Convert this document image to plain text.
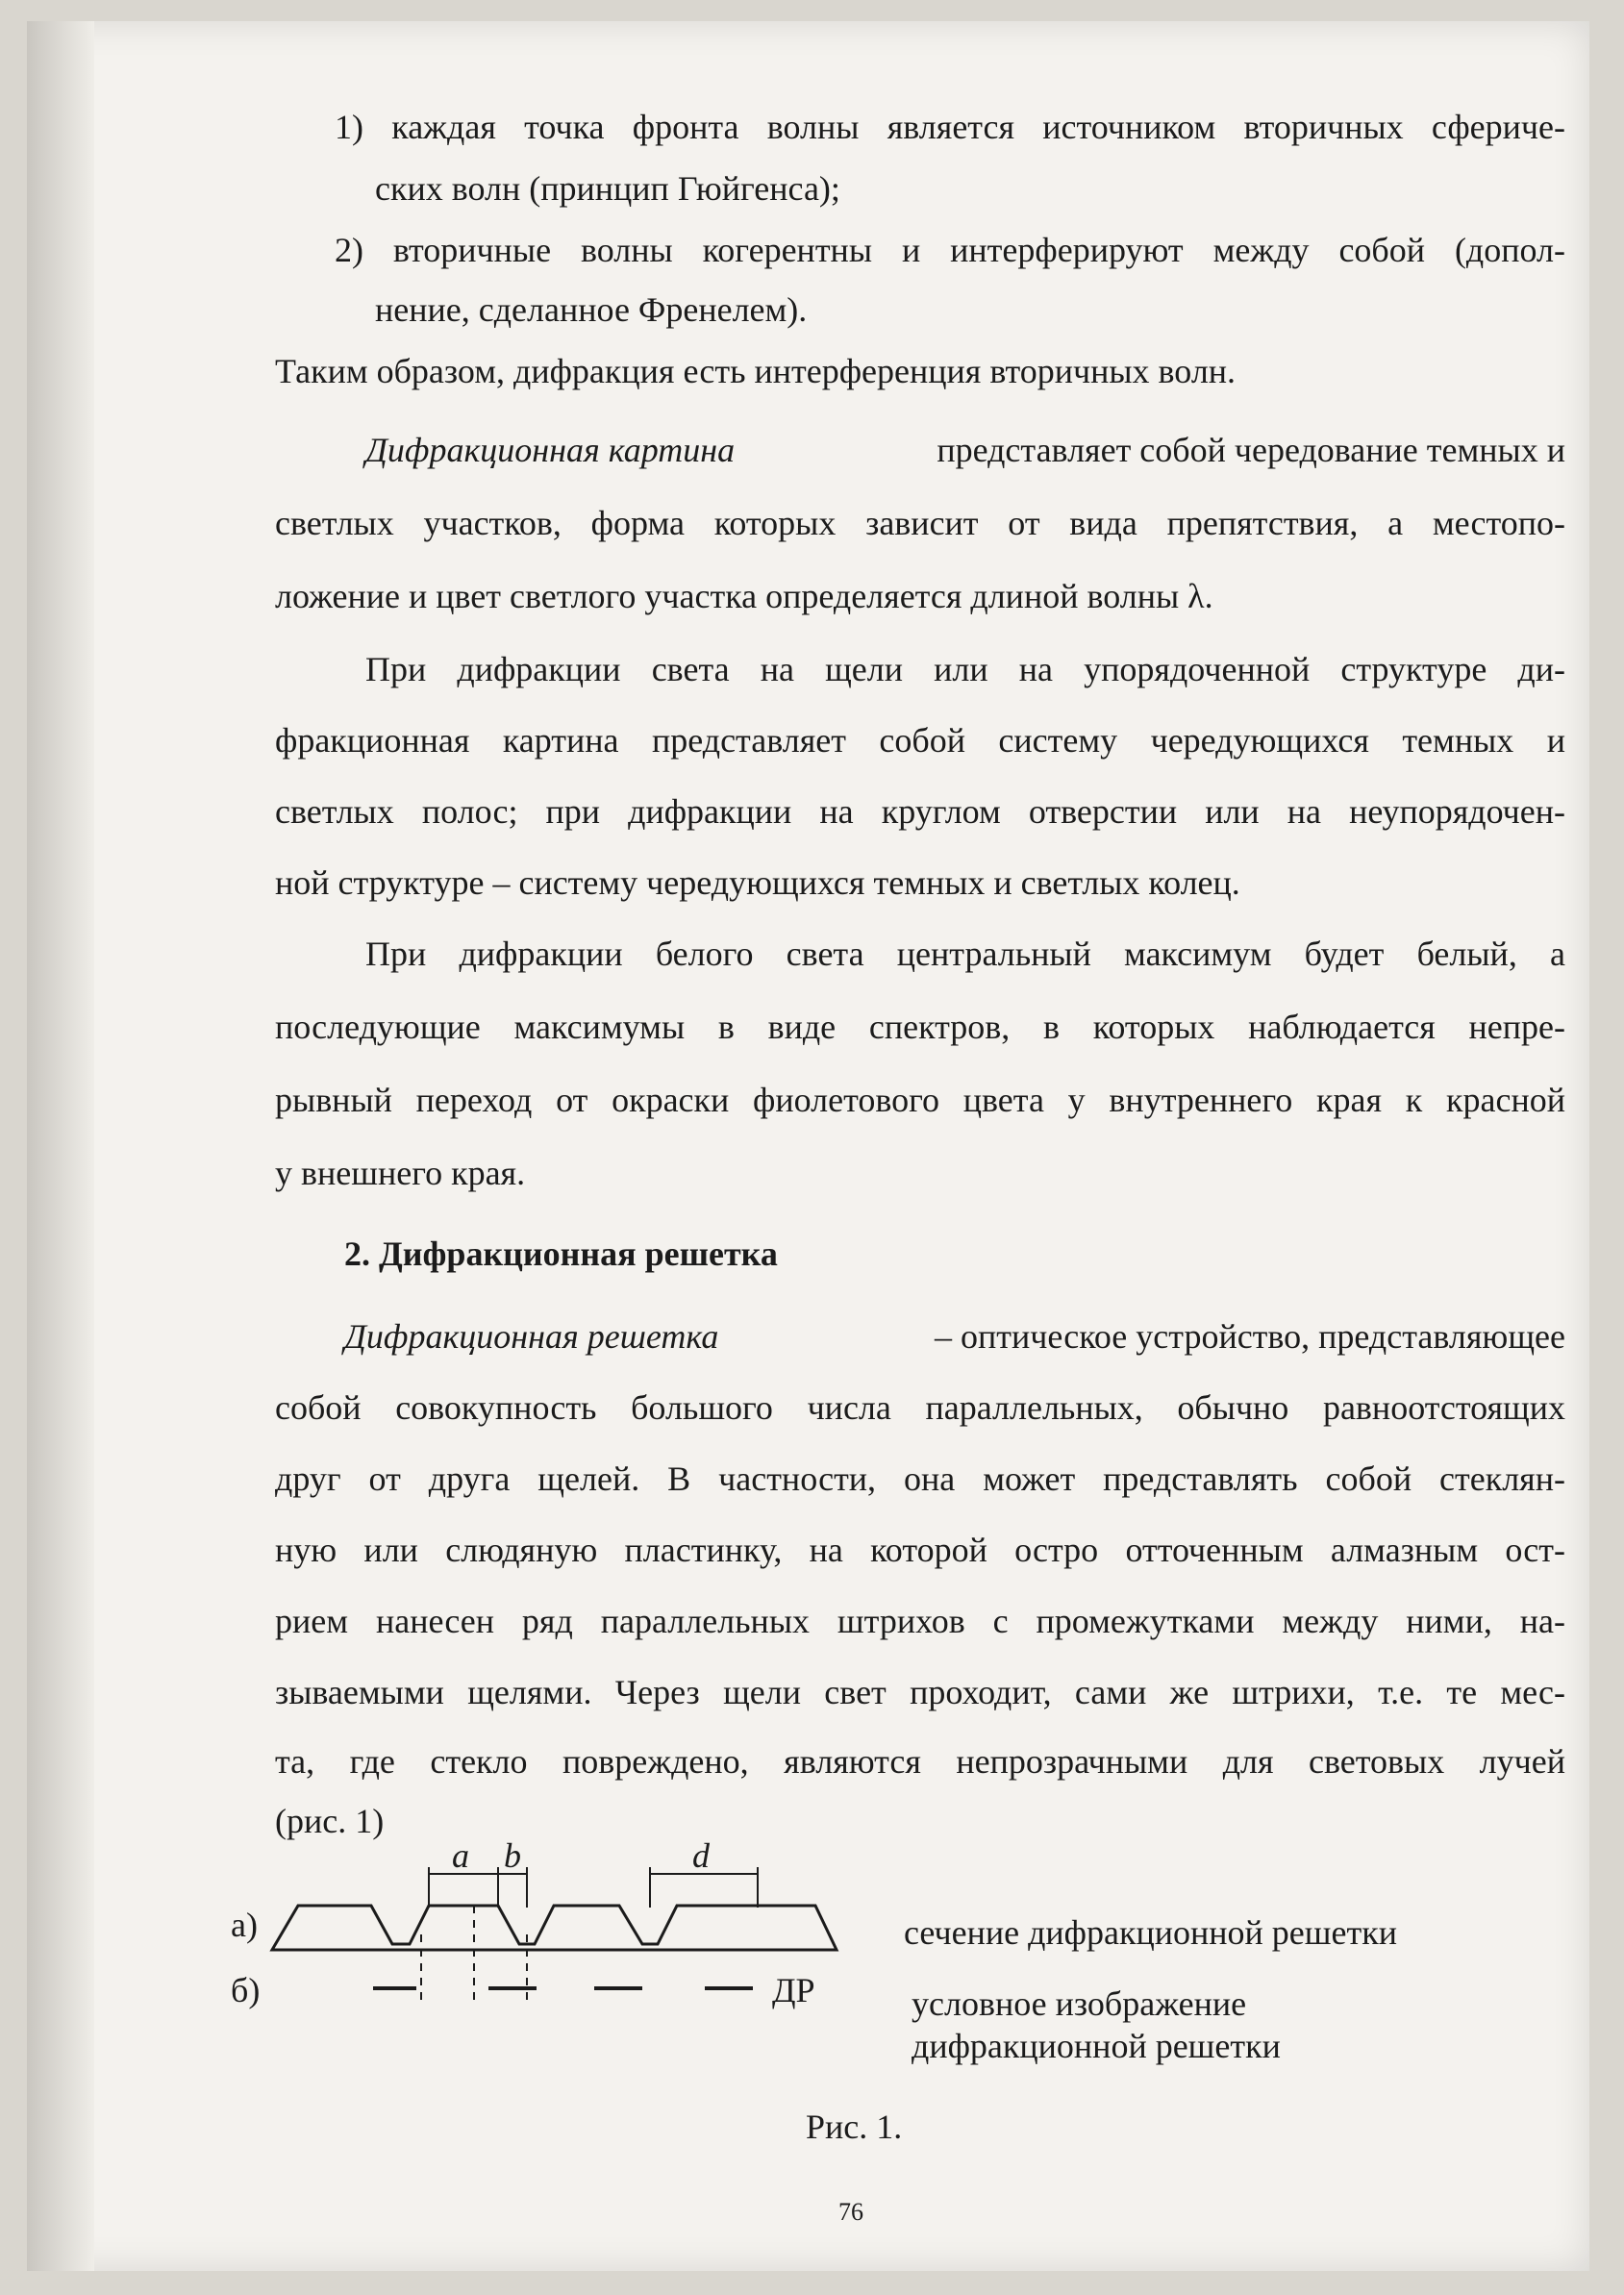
1) каждая точка фронта волны является источником вторичных сфериче-
ских волн (принцип Гюйгенса);
2) вторичные волны когерентны и интерферируют между собой (допол-
нение, сделанное Френелем).
Таким образом, дифракция есть интерференция вторичных волн.
Дифракционная картина	представляет собой чередование темных и
светлых участков, форма которых зависит от вида препятствия, а местопо-
ложение и цвет светлого участка определяется длиной волны λ.
При дифракции света на щели или на упорядоченной структуре ди-
фракционная картина представляет собой систему чередующихся темных и
светлых полос; при дифракции на круглом отверстии или на неупорядочен-
ной структуре – систему чередующихся темных и светлых колец.
При дифракции белого света центральный максимум будет белый, а
последующие максимумы в виде спектров, в которых наблюдается непре-
рывный переход от окраски фиолетового цвета у внутреннего края к красной
у внешнего края.
2. Дифракционная решетка
Дифракционная решетка	– оптическое устройство, представляющее
собой совокупность большого числа параллельных, обычно равноотстоящих
друг от друга щелей. В частности, она может представлять собой стеклян-
ную или слюдяную пластинку, на которой остро отточенным алмазным ост-
рием нанесен ряд параллельных штрихов с промежутками между ними, на-
зываемыми щелями. Через щели свет проходит, сами же штрихи, т.е. те мес-
та, где стекло повреждено, являются непрозрачными для световых лучей
(рис. 1)
a b	d
а)	сечение дифракционной решетки
б)	ДР	условное изображение
дифракционной решетки
Рис. 1.
76
